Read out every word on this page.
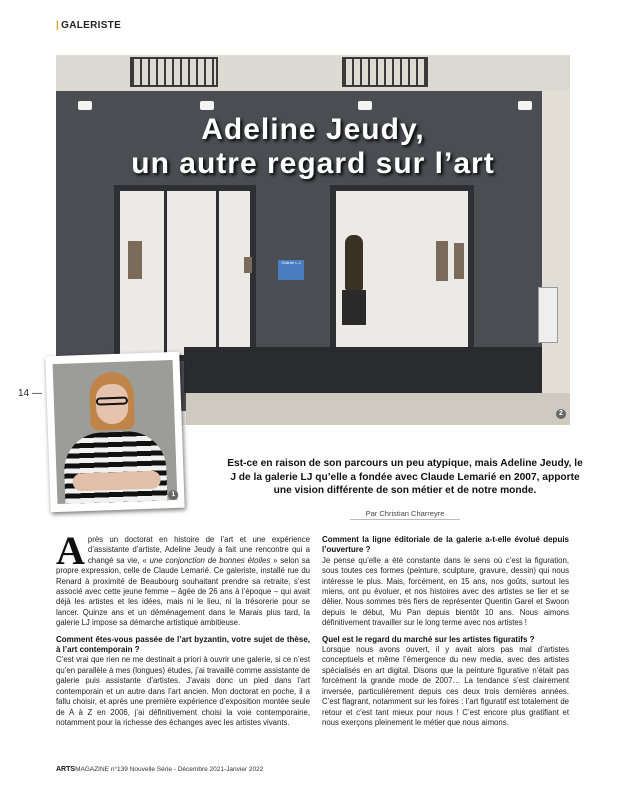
| GALERISTE
Galerie L.J
Adeline Jeudy,
un autre regard sur l’art
2
14 —
1
Est-ce en raison de son parcours un peu atypique, mais Adeline Jeudy, le J de la galerie LJ qu’elle a fondée avec Claude Lemarié en 2007, apporte une vision différente de son métier et de notre monde.
Par Christian Charreyre

Après un doctorat en histoire de l’art et une expérience d’assistante d’artiste, Adeline Jeudy a fait une rencontre qui a changé sa vie, « une conjonction de bonnes étoiles » selon sa propre expression, celle de Claude Lemarié. Ce galeriste, installé rue du Renard à proximité de Beaubourg souhaitant prendre sa retraite, s’est associé avec cette jeune femme – âgée de 26 ans à l’époque – qui avait déjà les artistes et les idées, mais ni le lieu, ni la trésorerie pour se lancer. Quinze ans et un déménagement dans le Marais plus tard, la galerie LJ impose sa démarche artistique ambitieuse.

Comment êtes-vous passée de l’art byzantin, votre sujet de thèse, à l’art contemporain ?

C’est vrai que rien ne me destinait a priori à ouvrir une galerie, si ce n’est qu’en parallèle à mes (longues) études, j’ai travaillé comme assistante de galerie puis assistante d’artistes. J’avais donc un pied dans l’art contemporain et un autre dans l’art ancien. Mon doctorat en poche, il a fallu choisir, et après une première expérience d’exposition montée seule de A à Z en 2006, j’ai définitivement choisi la voie contemporaine, notamment pour la richesse des échanges avec les artistes vivants.

Comment la ligne éditoriale de la galerie a-t-elle évolué depuis l’ouverture ?

Je pense qu’elle a été constante dans le sens où c’est la figuration, sous toutes ces formes (peinture, sculpture, gravure, dessin) qui nous intéresse le plus. Mais, forcément, en 15 ans, nos goûts, surtout les miens, ont pu évoluer, et nos histoires avec des artistes se lier et se délier. Nous sommes très fiers de représenter Quentin Garel et Swoon depuis le début, Mu Pan depuis bientôt 10 ans. Nous aimons définitivement travailler sur le long terme avec nos artistes !

Quel est le regard du marché sur les artistes figuratifs ?

Lorsque nous avons ouvert, il y avait alors pas mal d’artistes conceptuels et même l’émergence du new media, avec des artistes spécialisés en art digital. Disons que la peinture figurative n’était pas forcément la grande mode de 2007… La tendance s’est clairement inversée, particulièrement depuis ces deux trois dernières années. C’est flagrant, notamment sur les foires : l’art figuratif est totalement de retour et c’est tant mieux pour nous ! C’est encore plus gratifiant et nous exerçons pleinement le métier que nous aimons.

ARTSMAGAZINE n°139 Nouvelle Série - Décembre 2021-Janvier 2022
